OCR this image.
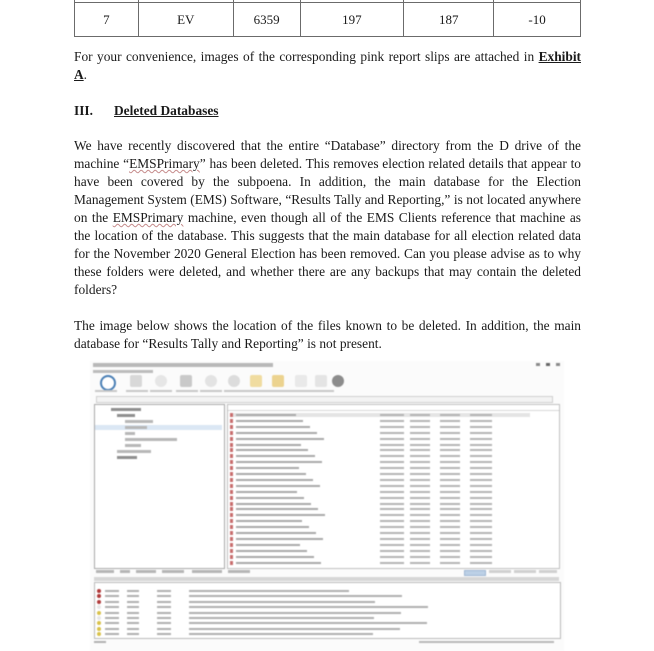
7	EV	6359	197	187	-10

For your convenience, images of the corresponding pink report slips are attached in Exhibit A.

III. Deleted Databases

We have recently discovered that the entire “Database” directory from the D drive of the machine “EMSPrimary” has been deleted. This removes election related details that appear to have been covered by the subpoena. In addition, the main database for the Election Management System (EMS) Software, “Results Tally and Reporting,” is not located anywhere on the EMSPrimary machine, even though all of the EMS Clients reference that machine as the location of the database. This suggests that the main database for all election related data for the November 2020 General Election has been removed. Can you please advise as to why these folders were deleted, and whether there are any backups that may contain the deleted folders?

The image below shows the location of the files known to be deleted. In addition, the main database for “Results Tally and Reporting” is not present.
